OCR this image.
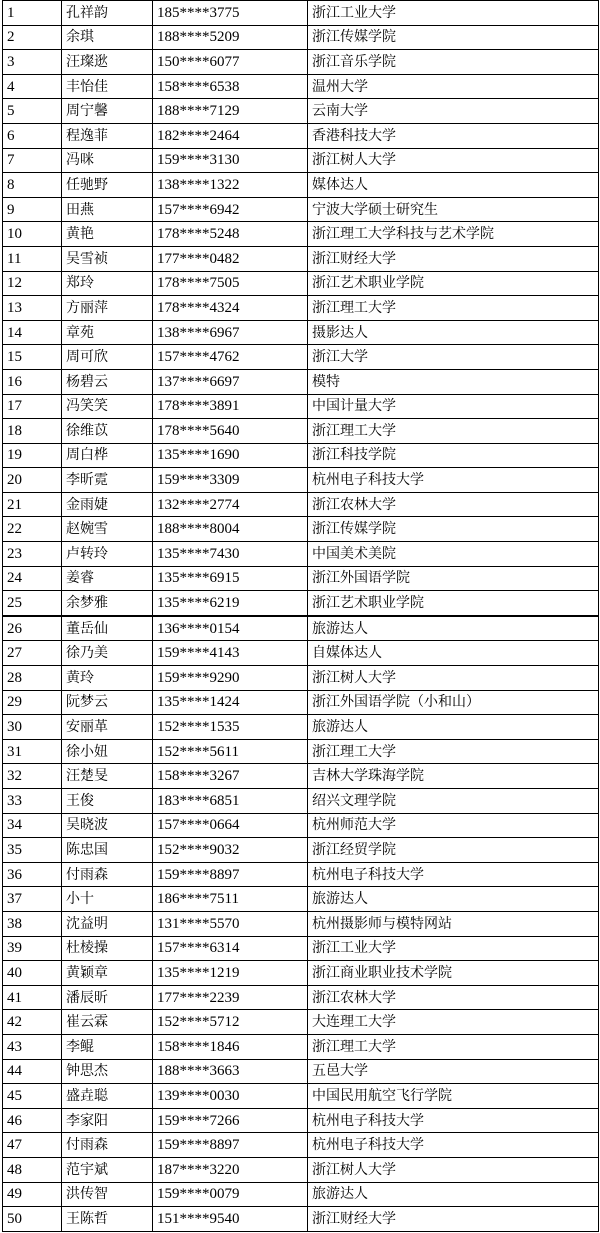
1	孔祥韵	185****3775	浙江工业大学
2	余琪	188****5209	浙江传媒学院
3	汪璨逖	150****6077	浙江音乐学院
4	丰怡佳	158****6538	温州大学
5	周宁馨	188****7129	云南大学
6	程逸菲	182****2464	香港科技大学
7	冯咪	159****3130	浙江树人大学
8	任驰野	138****1322	媒体达人
9	田燕	157****6942	宁波大学硕士研究生
10	黄艳	178****5248	浙江理工大学科技与艺术学院
11	吴雪祯	177****0482	浙江财经大学
12	郑玲	178****7505	浙江艺术职业学院
13	方丽萍	178****4324	浙江理工大学
14	章苑	138****6967	摄影达人
15	周可欣	157****4762	浙江大学
16	杨碧云	137****6697	模特
17	冯笑笑	178****3891	中国计量大学
18	徐维苡	178****5640	浙江理工大学
19	周白桦	135****1690	浙江科技学院
20	李昕霓	159****3309	杭州电子科技大学
21	金雨婕	132****2774	浙江农林大学
22	赵婉雪	188****8004	浙江传媒学院
23	卢转玲	135****7430	中国美术美院
24	姜睿	135****6915	浙江外国语学院
25	余梦雅	135****6219	浙江艺术职业学院
26	董岳仙	136****0154	旅游达人
27	徐乃美	159****4143	自媒体达人
28	黄玲	159****9290	浙江树人大学
29	阮梦云	135****1424	浙江外国语学院（小和山）
30	安丽革	152****1535	旅游达人
31	徐小妞	152****5611	浙江理工大学
32	汪楚旻	158****3267	吉林大学珠海学院
33	王俊	183****6851	绍兴文理学院
34	吴晓波	157****0664	杭州师范大学
35	陈忠国	152****9032	浙江经贸学院
36	付雨森	159****8897	杭州电子科技大学
37	小十	186****7511	旅游达人
38	沈益明	131****5570	杭州摄影师与模特网站
39	杜棱操	157****6314	浙江工业大学
40	黄颖章	135****1219	浙江商业职业技术学院
41	潘辰昕	177****2239	浙江农林大学
42	崔云霖	152****5712	大连理工大学
43	李鲲	158****1846	浙江理工大学
44	钟思杰	188****3663	五邑大学
45	盛垚聪	139****0030	中国民用航空飞行学院
46	李家阳	159****7266	杭州电子科技大学
47	付雨森	159****8897	杭州电子科技大学
48	范宇斌	187****3220	浙江树人大学
49	洪传智	159****0079	旅游达人
50	王陈哲	151****9540	浙江财经大学
